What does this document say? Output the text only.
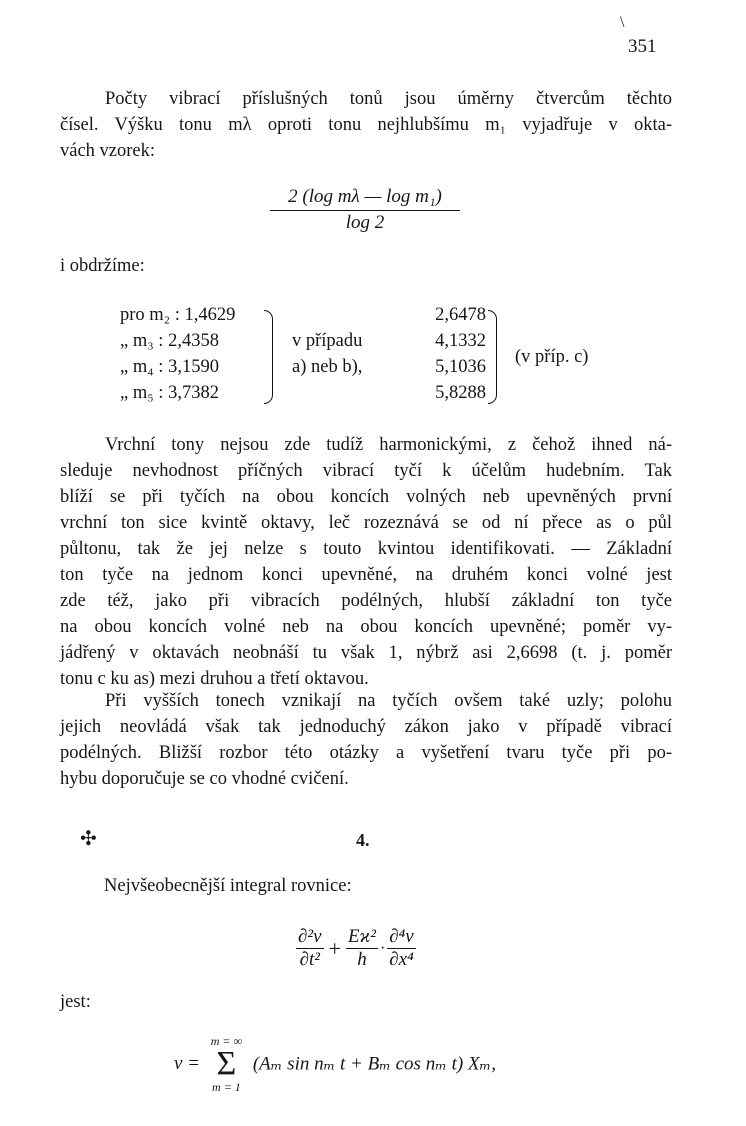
\
351
Počty vibrací příslušných tonů jsou úměrny čtvercům těchto
čísel. Výšku tonu mλ oproti tonu nejhlubšímu m₁ vyjadřuje v okta-
vách vzorek:
$\frac{\text{2 (log mλ — log m₁)}}{\log 2}$
i obdržíme:
pro m₂ : 1,4629
„ m₃ : 2,4358
„ m₄ : 3,1590
„ m₅ : 3,7382
v případu
a) neb b),
2,6478
4,1332
5,1036
5,8288
(v příp. c)
Vrchní tony nejsou zde tudíž harmonickými, z čehož ihned ná-
sleduje nevhodnost příčných vibrací tyčí k účelům hudebním. Tak
blíží se při tyčích na obou koncích volných neb upevněných první
vrchní ton sice kvintě oktavy, leč rozeznává se od ní přece as o půl
půltonu, tak že jej nelze s touto kvintou identifikovati. — Základní
ton tyče na jednom konci upevněné, na druhém konci volné jest
zde též, jako při vibracích podélných, hlubší základní ton tyče
na obou koncích volné neb na obou koncích upevněné; poměr vy-
jádřený v oktavách neobnáší tu však 1, nýbrž asi 2,6698 (t. j. poměr
tonu c ku as) mezi druhou a třetí oktavou.
Při vyšších tonech vznikají na tyčích ovšem také uzly; polohu
jejich neovládá však tak jednoduchý zákon jako v případě vibrací
podélných. Bližší rozbor této otázky a vyšetření tvaru tyče při po-
hybu doporučuje se co vhodné cvičení.
✣	4.
Nejvšeobecnější integral rovnice:
$\frac{\text{∂²v}}{\text{∂t²}} + \frac{\text{Eϰ²}}{h} \cdot \frac{\text{∂⁴v}}{\text{∂x⁴}}$
jest:
v =
m = ∞
Σ
m = 1
(Aₘ sin nₘ t + Bₘ cos nₘ t) Xₘ,
